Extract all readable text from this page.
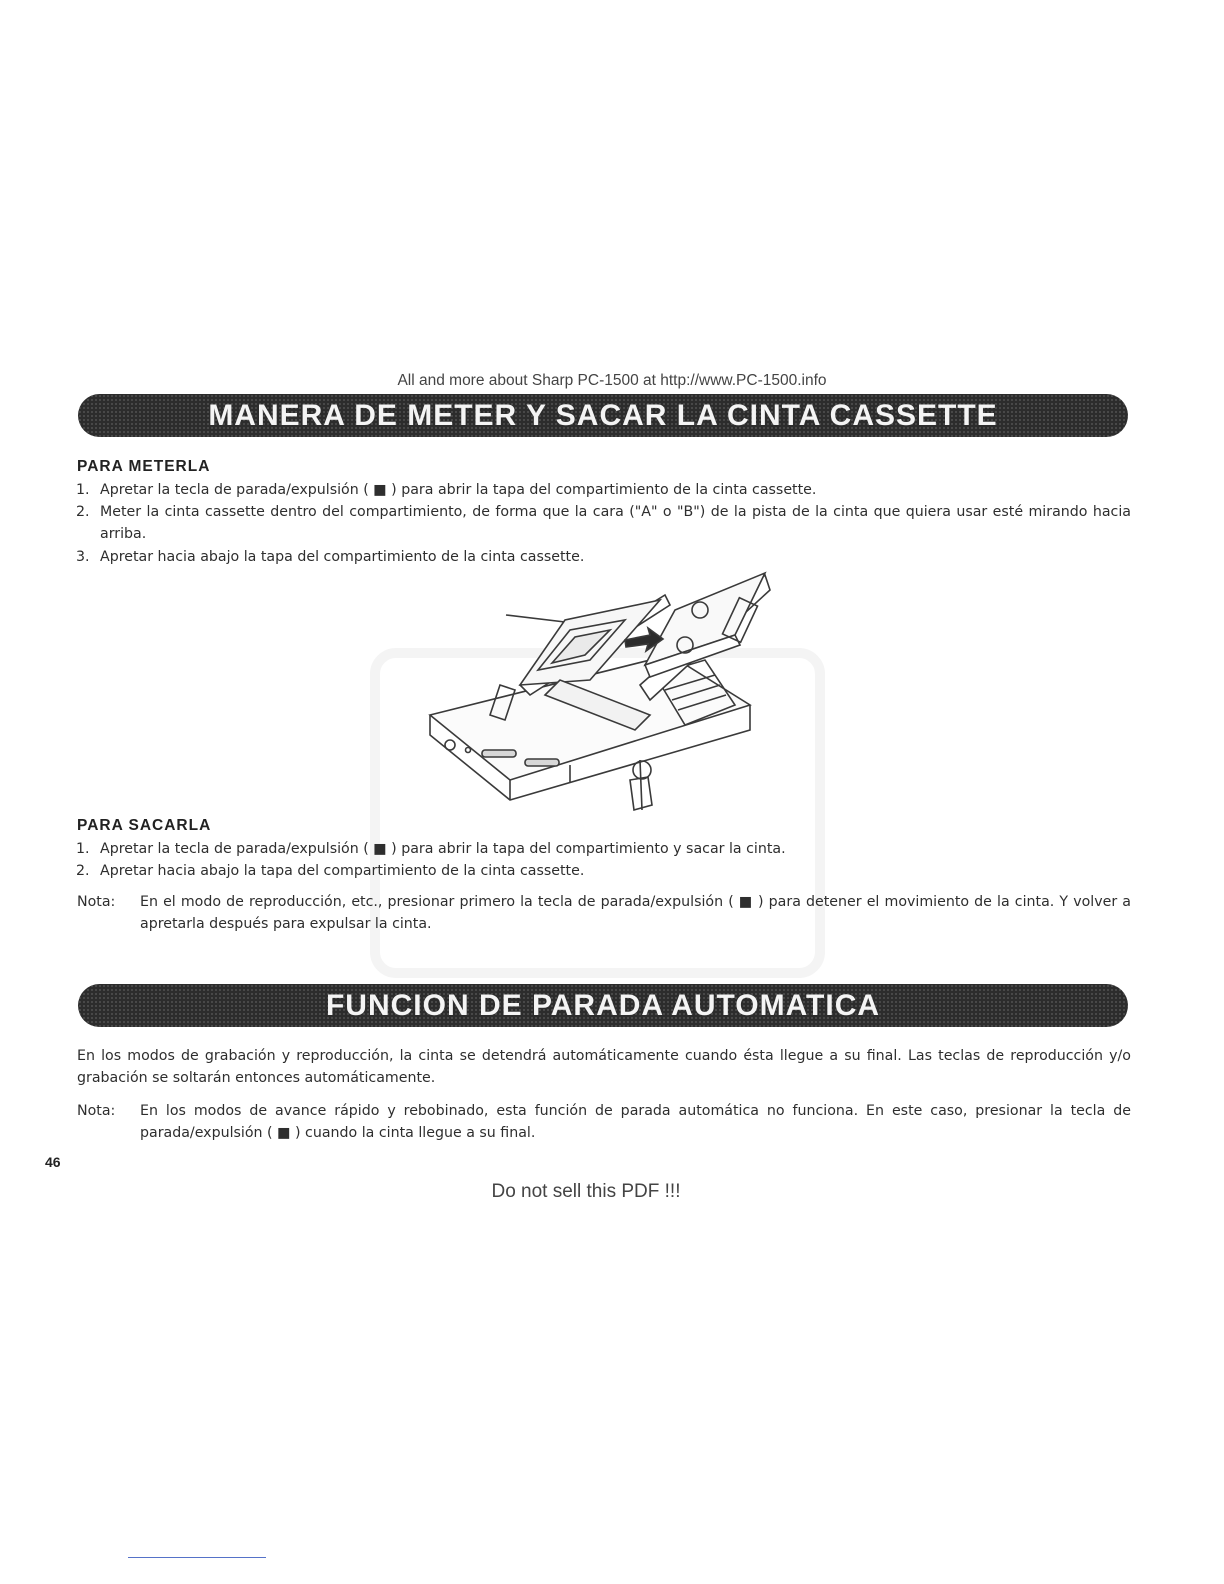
All and more about Sharp PC-1500 at http://www.PC-1500.info
MANERA DE METER Y SACAR LA CINTA CASSETTE
PARA METERLA
1. Apretar la tecla de parada/expulsión ( ■ ) para abrir la tapa del compartimiento de la cinta cassette.
2. Meter la cinta cassette dentro del compartimiento, de forma que la cara ("A" o "B") de la pista de la cinta que quiera usar esté mirando hacia arriba.
3. Apretar hacia abajo la tapa del compartimiento de la cinta cassette.
PARA SACARLA
1. Apretar la tecla de parada/expulsión ( ■ ) para abrir la tapa del compartimiento y sacar la cinta.
2. Apretar hacia abajo la tapa del compartimiento de la cinta cassette.
Nota: En el modo de reproducción, etc., presionar primero la tecla de parada/expulsión ( ■ ) para detener el movimiento de la cinta. Y volver a apretarla después para expulsar la cinta.
FUNCION DE PARADA AUTOMATICA
En los modos de grabación y reproducción, la cinta se detendrá automáticamente cuando ésta llegue a su final. Las teclas de reproducción y/o grabación se soltarán entonces automáticamente.
Nota: En los modos de avance rápido y rebobinado, esta función de parada automática no funciona. En este caso, presionar la tecla de parada/expulsión ( ■ ) cuando la cinta llegue a su final.
46
Do not sell this PDF !!!
